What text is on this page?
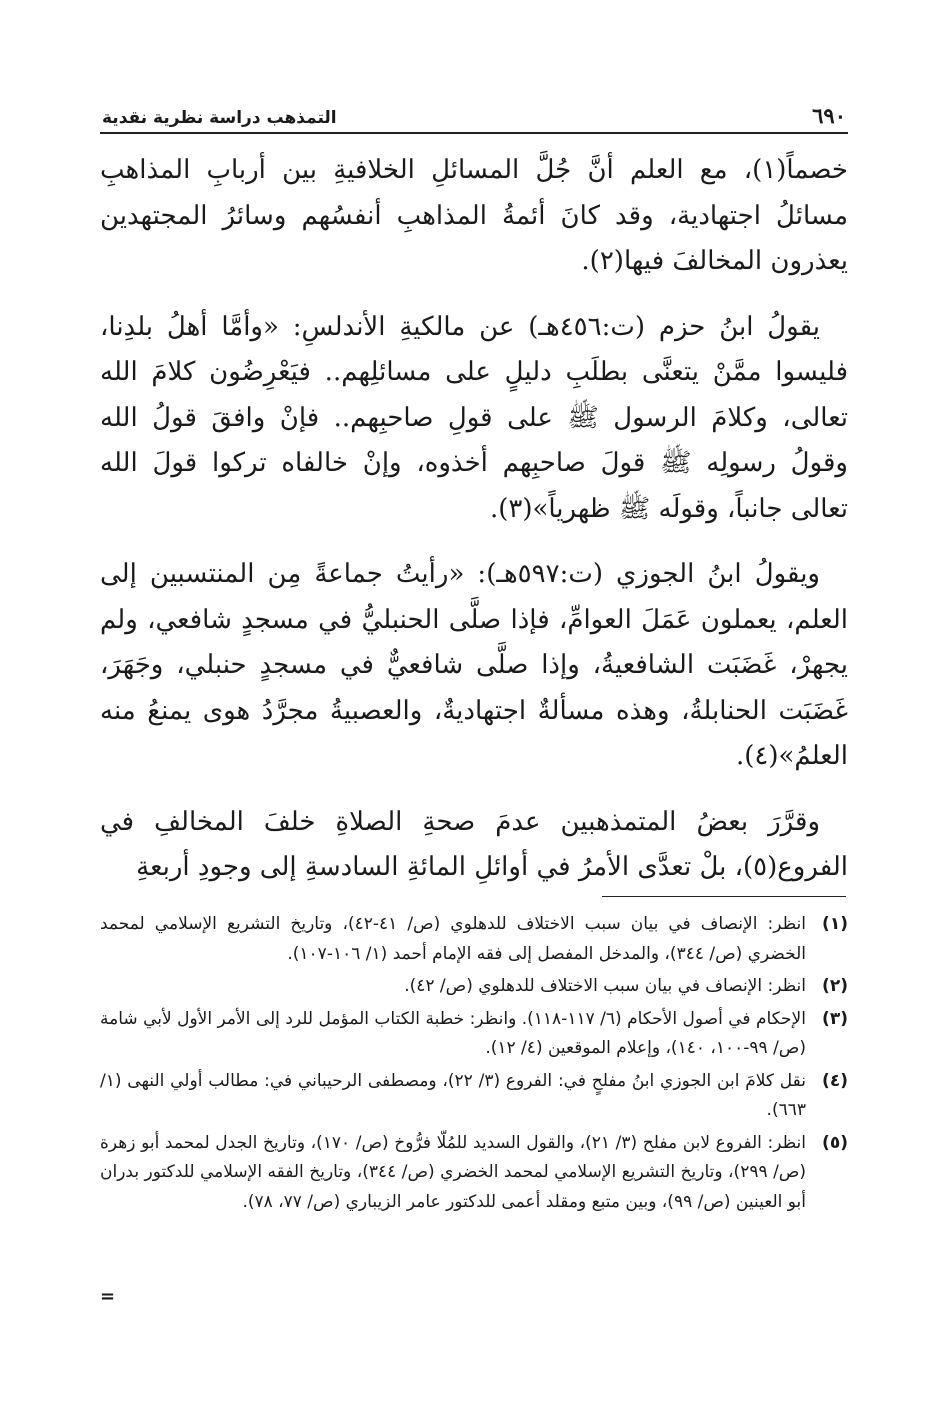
٦٩٠
التمذهب دراسة نظرية نقدية

خصماً(١)، مع العلم أنَّ جُلَّ المسائلِ الخلافيةِ بين أربابِ المذاهبِ مسائلُ اجتهادية، وقد كانَ أئمةُ المذاهبِ أنفسُهم وسائرُ المجتهدين يعذرون المخالفَ فيها(٢).

يقولُ ابنُ حزم (ت:٤٥٦هـ) عن مالكيةِ الأندلسِ: «وأمَّا أهلُ بلدِنا، فليسوا ممَّنْ يتعنَّى بطلَبِ دليلٍ على مسائلِهم.. فيَعْرِضُون كلامَ الله تعالى، وكلامَ الرسول ﷺ على قولِ صاحبِهم.. فإنْ وافقَ قولُ الله وقولُ رسولِه ﷺ قولَ صاحبِهم أخذوه، وإنْ خالفاه تركوا قولَ الله تعالى جانباً، وقولَه ﷺ ظهرياً»(٣).

ويقولُ ابنُ الجوزي (ت:٥٩٧هـ): «رأيتُ جماعةً مِن المنتسبين إلى العلم، يعملون عَمَلَ العوامِّ، فإذا صلَّى الحنبليُّ في مسجدٍ شافعي، ولم يجهرْ، غَضَبَت الشافعيةُ، وإذا صلَّى شافعيٌّ في مسجدٍ حنبلي، وجَهَرَ، غَضَبَت الحنابلةُ، وهذه مسألةٌ اجتهاديةٌ، والعصبيةُ مجرَّدُ هوى يمنعُ منه العلمُ»(٤).

وقرَّرَ بعضُ المتمذهبين عدمَ صحةِ الصلاةِ خلفَ المخالفِ في الفروع(٥)، بلْ تعدَّى الأمرُ في أوائلِ المائةِ السادسةِ إلى وجودِ أربعةِ

(١)
انظر: الإنصاف في بيان سبب الاختلاف للدهلوي (ص/ ٤١-٤٢)، وتاريخ التشريع الإسلامي لمحمد الخضري (ص/ ٣٤٤)، والمدخل المفصل إلى فقه الإمام أحمد (١/ ١٠٦-١٠٧).
(٢)
انظر: الإنصاف في بيان سبب الاختلاف للدهلوي (ص/ ٤٢).
(٣)
الإحكام في أصول الأحكام (٦/ ١١٧-١١٨). وانظر: خطبة الكتاب المؤمل للرد إلى الأمر الأول لأبي شامة (ص/ ٩٩-١٠٠، ١٤٠)، وإعلام الموقعين (٤/ ١٢).
(٤)
نقل كلامَ ابن الجوزي ابنُ مفلحٍ في: الفروع (٣/ ٢٢)، ومصطفى الرحيباني في: مطالب أولي النهى (١/ ٦٦٣).
(٥)
انظر: الفروع لابن مفلح (٣/ ٢١)، والقول السديد للمُلّا فرُّوخ (ص/ ١٧٠)، وتاريخ الجدل لمحمد أبو زهرة (ص/ ٢٩٩)، وتاريخ التشريع الإسلامي لمحمد الخضري (ص/ ٣٤٤)، وتاريخ الفقه الإسلامي للدكتور بدران أبو العينين (ص/ ٩٩)، وبين متبع ومقلد أعمى للدكتور عامر الزيباري (ص/ ٧٧، ٧٨).
=
